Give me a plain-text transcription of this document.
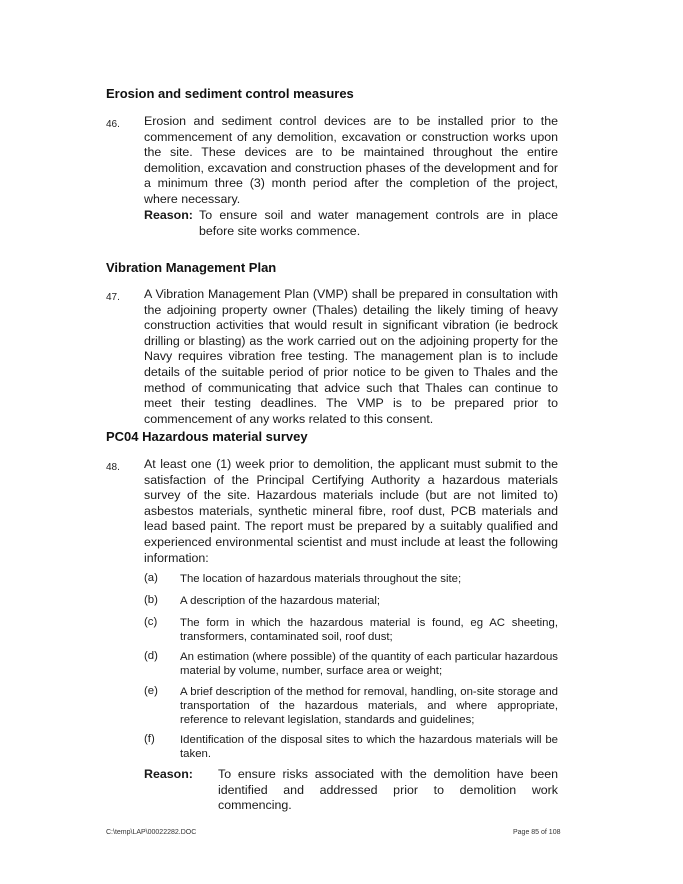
Erosion and sediment control measures
46. Erosion and sediment control devices are to be installed prior to the commencement of any demolition, excavation or construction works upon the site. These devices are to be maintained throughout the entire demolition, excavation and construction phases of the development and for a minimum three (3) month period after the completion of the project, where necessary.
Reason: To ensure soil and water management controls are in place before site works commence.
Vibration Management Plan
47. A Vibration Management Plan (VMP) shall be prepared in consultation with the adjoining property owner (Thales) detailing the likely timing of heavy construction activities that would result in significant vibration (ie bedrock drilling or blasting) as the work carried out on the adjoining property for the Navy requires vibration free testing. The management plan is to include details of the suitable period of prior notice to be given to Thales and the method of communicating that advice such that Thales can continue to meet their testing deadlines. The VMP is to be prepared prior to commencement of any works related to this consent.
PC04 Hazardous material survey
48. At least one (1) week prior to demolition, the applicant must submit to the satisfaction of the Principal Certifying Authority a hazardous materials survey of the site. Hazardous materials include (but are not limited to) asbestos materials, synthetic mineral fibre, roof dust, PCB materials and lead based paint. The report must be prepared by a suitably qualified and experienced environmental scientist and must include at least the following information:
(a) The location of hazardous materials throughout the site;
(b) A description of the hazardous material;
(c) The form in which the hazardous material is found, eg AC sheeting, transformers, contaminated soil, roof dust;
(d) An estimation (where possible) of the quantity of each particular hazardous material by volume, number, surface area or weight;
(e) A brief description of the method for removal, handling, on-site storage and transportation of the hazardous materials, and where appropriate, reference to relevant legislation, standards and guidelines;
(f) Identification of the disposal sites to which the hazardous materials will be taken.
Reason: To ensure risks associated with the demolition have been identified and addressed prior to demolition work commencing.
C:\temp\LAP\00022282.DOC	Page 85 of 108
